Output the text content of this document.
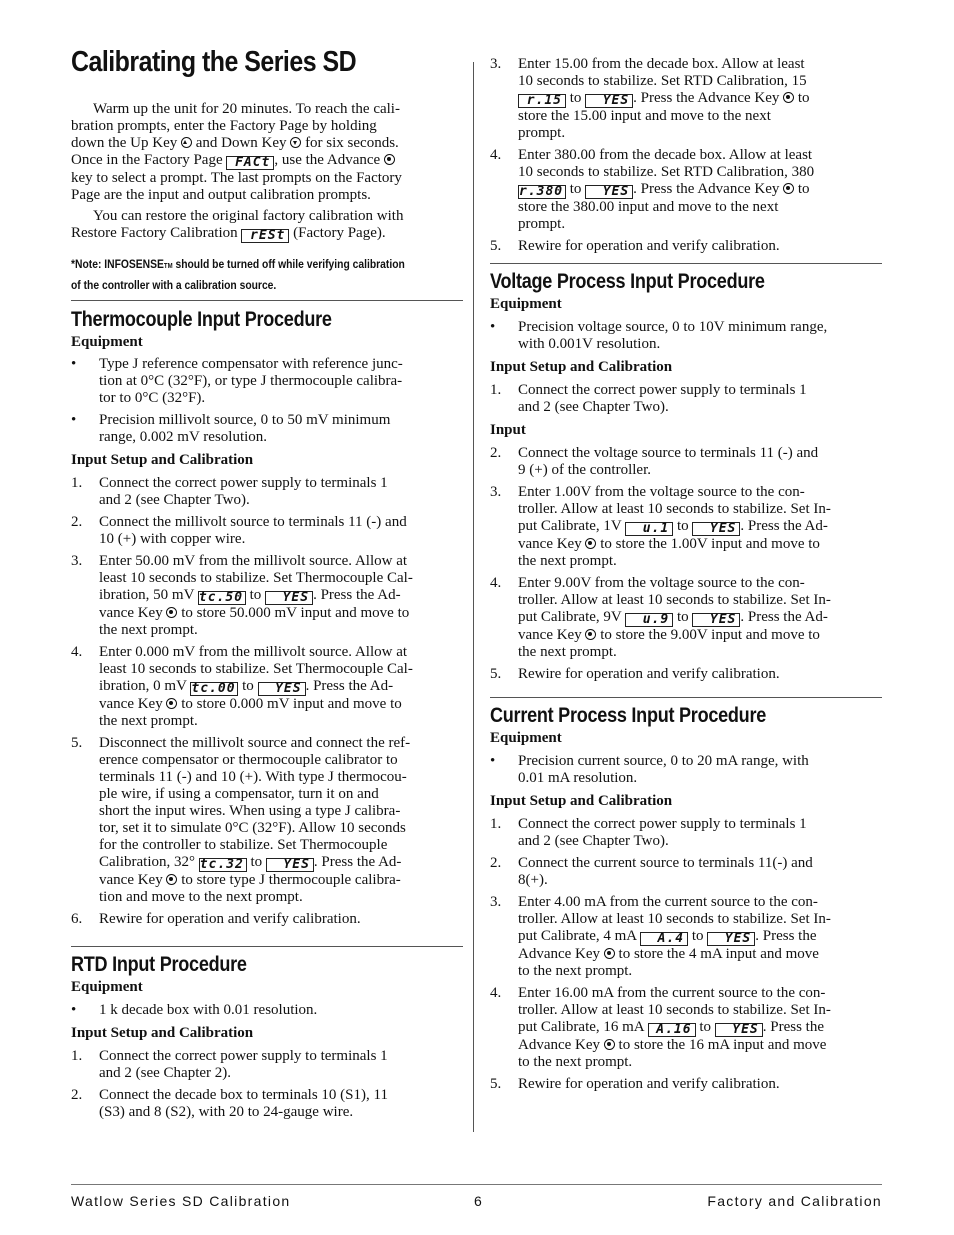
Calibrating the Series SD

Warm up the unit for 20 minutes. To reach the cali-

bration prompts, enter the Factory Page by holding

down the Up Key and Down Key for six seconds.

Once in the Factory Page FACt , use the Advance

key to select a prompt. The last prompts on the Factory

Page are the input and output calibration prompts.

You can restore the original factory calibration with

Restore Factory Calibration rESt (Factory Page).

*Note: INFOSENSETM should be turned off while verifying calibration

of the controller with a calibration source.

Thermocouple Input Procedure

Equipment

• Type J reference compensator with reference junc-

tion at 0°C (32°F), or type J thermocouple calibra-

tor to 0°C (32°F).

• Precision millivolt source, 0 to 50 mV minimum

range, 0.002 mV resolution.

Input Setup and Calibration

1. Connect the correct power supply to terminals 1

and 2 (see Chapter Two).

2. Connect the millivolt source to terminals 11 (-) and

10 (+) with copper wire.

3. Enter 50.00 mV from the millivolt source. Allow at

least 10 seconds to stabilize. Set Thermocouple Cal-

ibration, 50 mV tc.50 to YES . Press the Ad-

vance Key to store 50.000 mV input and move to

the next prompt.

4. Enter 0.000 mV from the millivolt source. Allow at

least 10 seconds to stabilize. Set Thermocouple Cal-

ibration, 0 mV tc.00 to YES . Press the Ad-

vance Key to store 0.000 mV input and move to

the next prompt.

5. Disconnect the millivolt source and connect the ref-

erence compensator or thermocouple calibrator to

terminals 11 (-) and 10 (+). With type J thermocou-

ple wire, if using a compensator, turn it on and

short the input wires. When using a type J calibra-

tor, set it to simulate 0°C (32°F). Allow 10 seconds

for the controller to stabilize. Set Thermocouple

Calibration, 32° tc.32 to YES . Press the Ad-

vance Key to store type J thermocouple calibra-

tion and move to the next prompt.

6. Rewire for operation and verify calibration.

RTD Input Procedure

Equipment

• 1 k decade box with 0.01 resolution.

Input Setup and Calibration

1. Connect the correct power supply to terminals 1

and 2 (see Chapter 2).

2. Connect the decade box to terminals 10 (S1), 11

(S3) and 8 (S2), with 20 to 24-gauge wire.

3. Enter 15.00 from the decade box. Allow at least

10 seconds to stabilize. Set RTD Calibration, 15

r.15 to YES . Press the Advance Key  to

store the 15.00 input and move to the next

prompt.

4. Enter 380.00 from the decade box. Allow at least

10 seconds to stabilize. Set RTD Calibration, 380

r.380 to YES . Press the Advance Key  to

store the 380.00 input and move to the next

prompt.

5. Rewire for operation and verify calibration.

Voltage Process Input Procedure

Equipment

• Precision voltage source, 0 to 10V minimum range,

with 0.001V resolution.

Input Setup and Calibration

1. Connect the correct power supply to terminals 1

and 2 (see Chapter Two).

Input

2. Connect the voltage source to terminals 11 (-) and

9 (+) of the controller.

3. Enter 1.00V from the voltage source to the con-

troller. Allow at least 10 seconds to stabilize. Set In-

put Calibrate, 1V u.1 to YES . Press the Ad-

vance Key to store the 1.00V input and move to

the next prompt.

4. Enter 9.00V from the voltage source to the con-

troller. Allow at least 10 seconds to stabilize. Set In-

put Calibrate, 9V u.9 to YES . Press the Ad-

vance Key to store the 9.00V input and move to

the next prompt.

5. Rewire for operation and verify calibration.

Current Process Input Procedure

Equipment

• Precision current source, 0 to 20 mA range, with

0.01 mA resolution.

Input Setup and Calibration

1. Connect the correct power supply to terminals 1

and 2 (see Chapter Two).

2. Connect the current source to terminals 11(-) and

8(+).

3. Enter 4.00 mA from the current source to the con-

troller. Allow at least 10 seconds to stabilize. Set In-

put Calibrate, 4 mA A.4 to YES . Press the

Advance Key to store the 4 mA input and move

to the next prompt.

4. Enter 16.00 mA from the current source to the con-

troller. Allow at least 10 seconds to stabilize. Set In-

put Calibrate, 16 mA A.16 to YES . Press the

Advance Key to store the 16 mA input and move

to the next prompt.

5. Rewire for operation and verify calibration.

Watlow Series SD Calibration	6	Factory and Calibration
